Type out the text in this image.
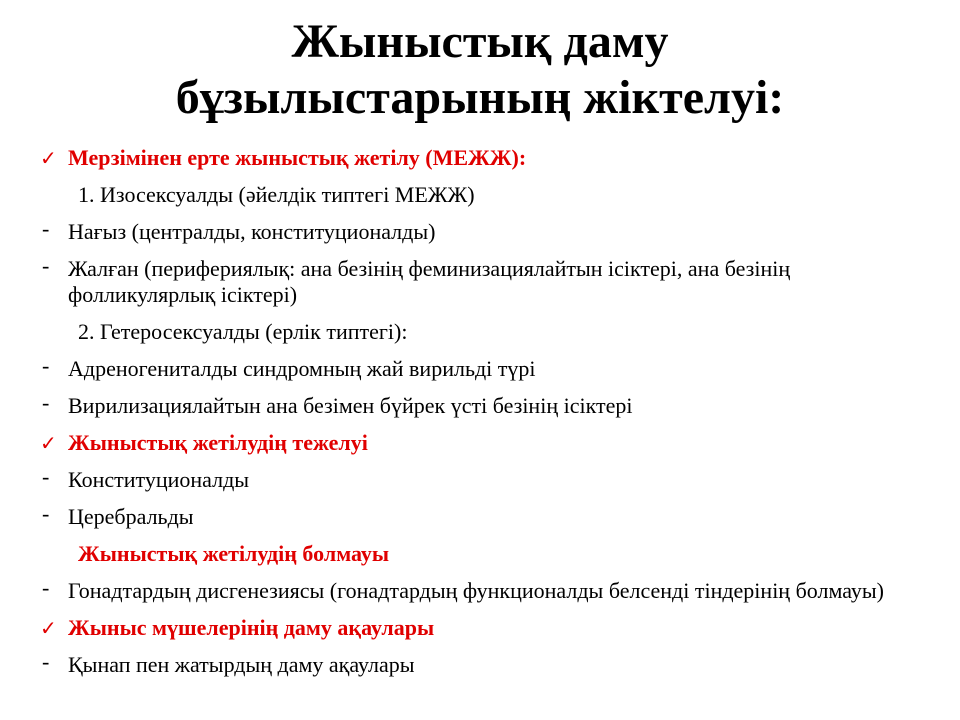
Жыныстық даму
бұзылыстарының жіктелуі:
✓ Мерзімінен ерте жыныстық жетілу (МЕЖЖ):
1. Изосексуалды (әйелдік типтегі МЕЖЖ)
- Нағыз (централды, конституционалды)
- Жалған (перифериялық: ана безінің феминизациялайтын ісіктері, ана безінің фолликулярлық ісіктері)
2. Гетеросексуалды (ерлік типтегі):
- Адреногениталды синдромның жай вирильді түрі
- Вирилизациялайтын ана безімен бүйрек үсті безінің ісіктері
✓ Жыныстық жетілудің тежелуі
- Конституционалды
- Церебральды
Жыныстық жетілудің болмауы
- Гонадтардың дисгенезиясы (гонадтардың функционалды белсенді тіндерінің болмауы)
✓ Жыныс мүшелерінің даму ақаулары
- Қынап пен жатырдың даму ақаулары
